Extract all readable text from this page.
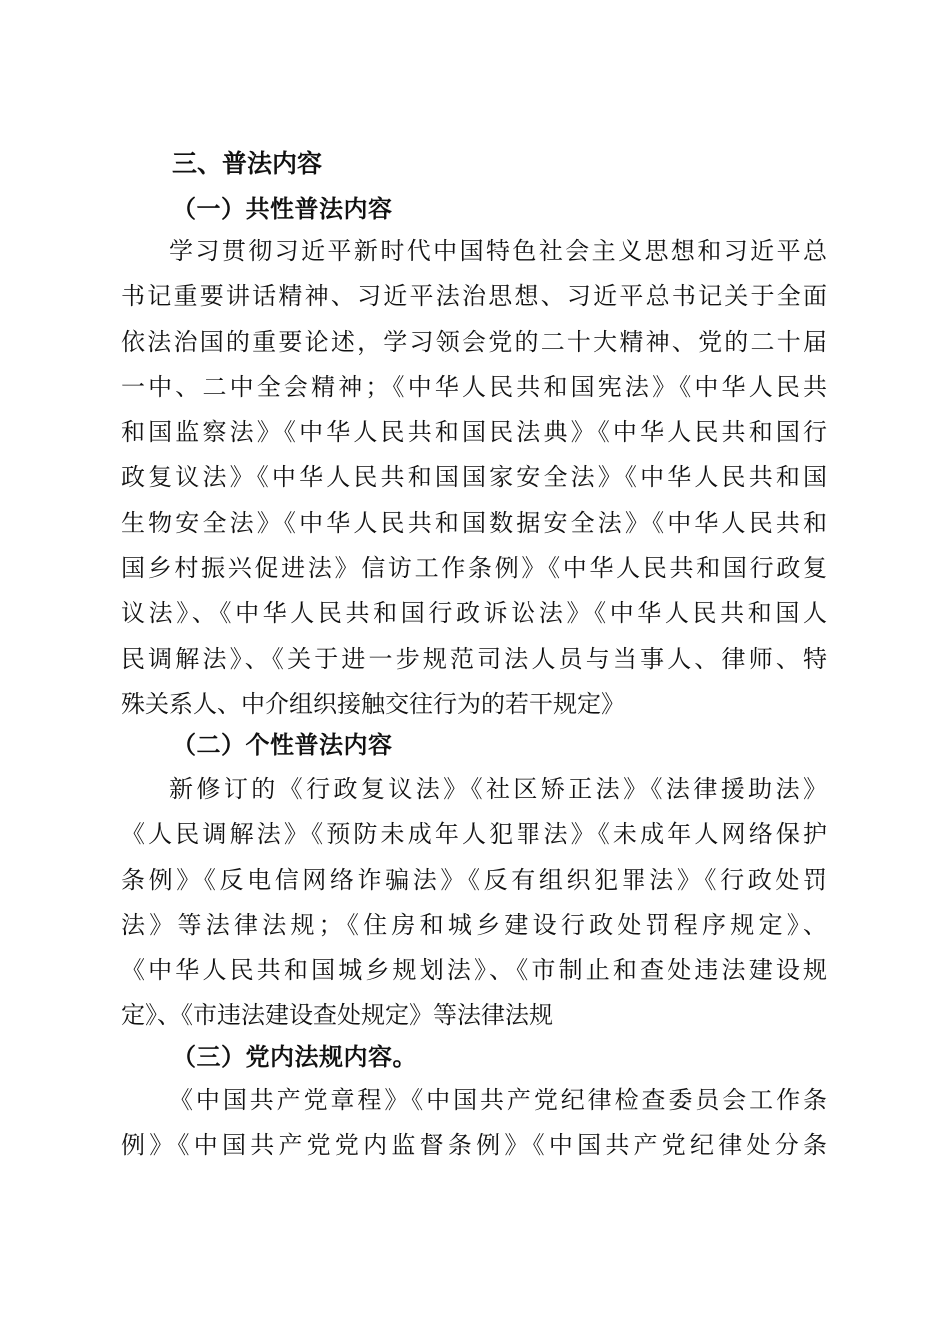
三、普法内容
（一）共性普法内容
学习贯彻习近平新时代中国特色社会主义思想和习近平总
书记重要讲话精神、习近平法治思想、习近平总书记关于全面
依法治国的重要论述，学习领会党的二十大精神、党的二十届
一中、二中全会精神；《中华人民共和国宪法》《中华人民共
和国监察法》《中华人民共和国民法典》《中华人民共和国行
政复议法》《中华人民共和国国家安全法》《中华人民共和国
生物安全法》《中华人民共和国数据安全法》《中华人民共和
国乡村振兴促进法》信访工作条例》《中华人民共和国行政复
议法》、《中华人民共和国行政诉讼法》《中华人民共和国人
民调解法》、《关于进一步规范司法人员与当事人、律师、特
殊关系人、中介组织接触交往行为的若干规定》
（二）个性普法内容
新修订的《行政复议法》《社区矫正法》《法律援助法》
《人民调解法》《预防未成年人犯罪法》《未成年人网络保护
条例》《反电信网络诈骗法》《反有组织犯罪法》《行政处罚
法》等法律法规；《住房和城乡建设行政处罚程序规定》、
《中华人民共和国城乡规划法》、《市制止和查处违法建设规
定》、《市违法建设查处规定》等法律法规
（三）党内法规内容。
《中国共产党章程》《中国共产党纪律检查委员会工作条
例》《中国共产党党内监督条例》《中国共产党纪律处分条
